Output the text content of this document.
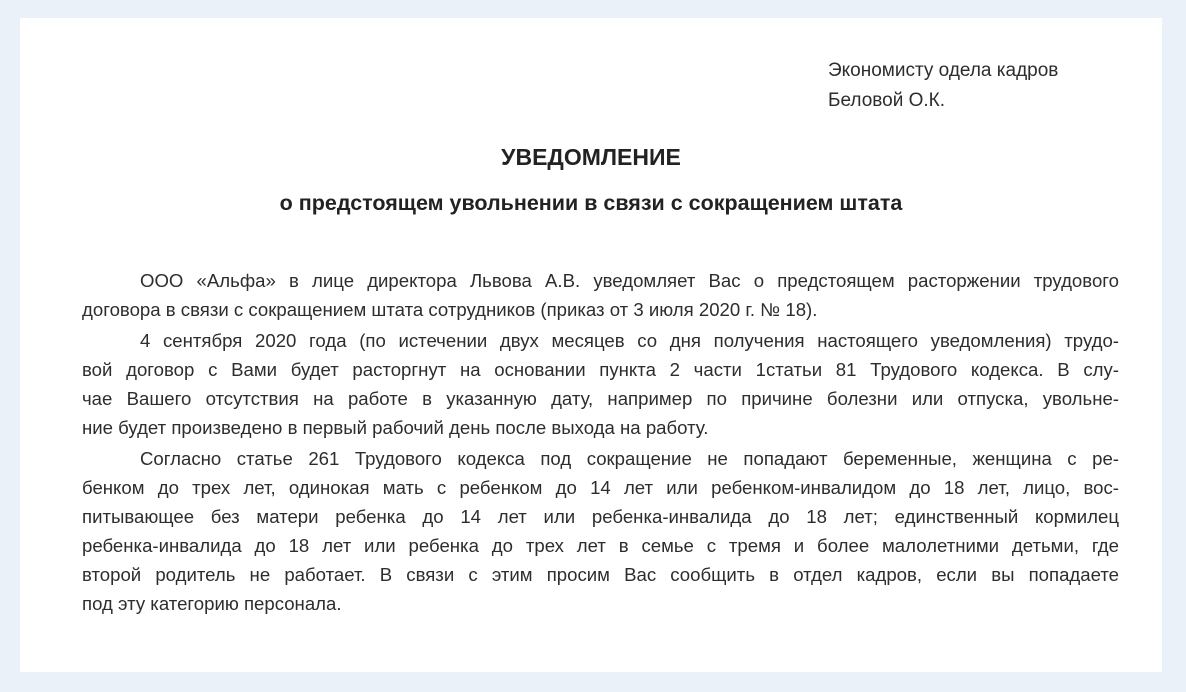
Экономисту одела кадров
Беловой О.К.
УВЕДОМЛЕНИЕ
о предстоящем увольнении в связи с сокращением штата

ООО «Альфа» в лице директора Львова А.В. уведомляет Вас о предстоящем расторжении трудового
договора в связи с сокращением штата сотрудников (приказ от 3 июля 2020 г. № 18).

4 сентября 2020 года (по истечении двух месяцев со дня получения настоящего уведомления) трудо-
вой договор с Вами будет расторгнут на основании пункта 2 части 1статьи 81 Трудового кодекса. В слу-
чае Вашего отсутствия на работе в указанную дату, например по причине болезни или отпуска, увольне-
ние будет произведено в первый рабочий день после выхода на работу.

Согласно статье 261 Трудового кодекса под сокращение не попадают беременные, женщина с ре-
бенком до трех лет, одинокая мать с ребенком до 14 лет или ребенком-инвалидом до 18 лет, лицо, вос-
питывающее без матери ребенка до 14 лет или ребенка-инвалида до 18 лет; единственный кормилец
ребенка-инвалида до 18 лет или ребенка до трех лет в семье с тремя и более малолетними детьми, где
второй родитель не работает. В связи с этим просим Вас сообщить в отдел кадров, если вы попадаете
под эту категорию персонала.
